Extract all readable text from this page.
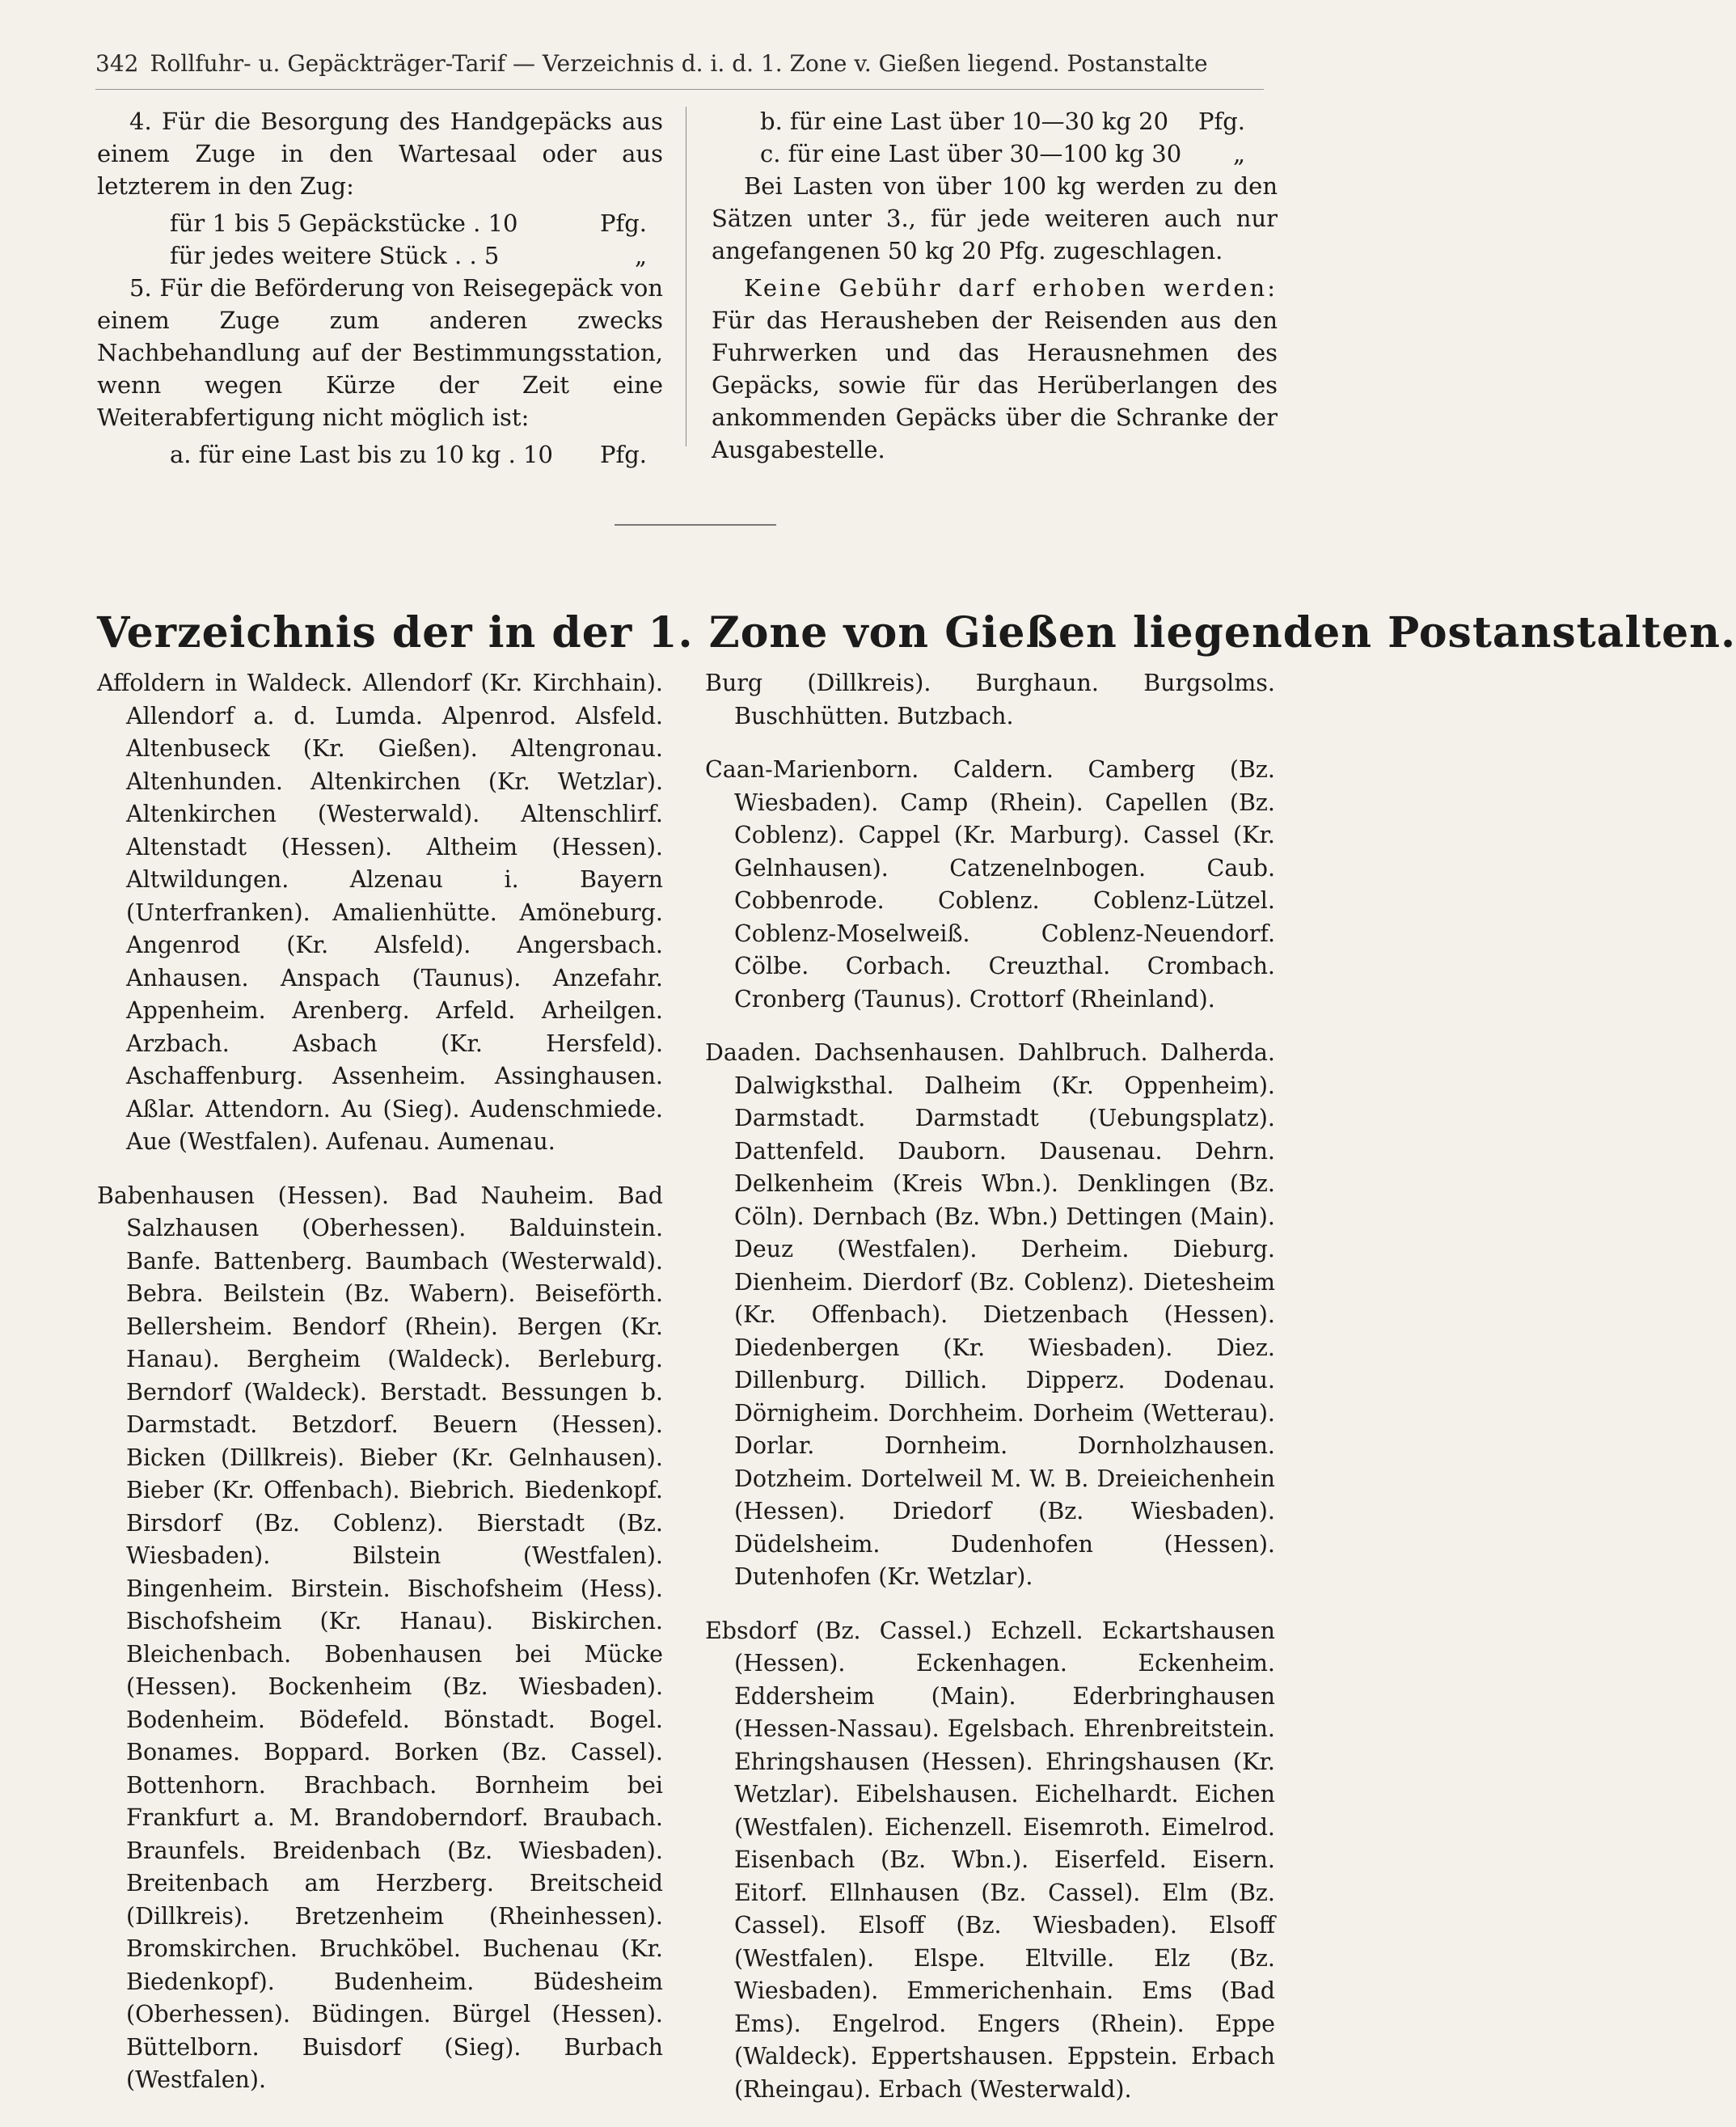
342 Rollfuhr- u. Gepäckträger-Tarif — Verzeichnis d. i. d. 1. Zone v. Gießen liegend. Postanstalte

4. Für die Besorgung des Handgepäcks aus einem Zuge in den Wartesaal oder aus letzterem in den Zug:

für 1 bis 5 Gepäckstücke . 10	Pfg.

für jedes weitere Stück . . 5	„

5. Für die Beförderung von Reisegepäck von einem Zuge zum anderen zwecks Nachbehandlung auf der Bestimmungsstation, wenn wegen Kürze der Zeit eine Weiterabfertigung nicht möglich ist:

a. für eine Last bis zu 10 kg . 10 Pfg.

b. für eine Last über 10—30 kg 20 Pfg.

c. für eine Last über 30—100 kg 30 „

Bei Lasten von über 100 kg werden zu den Sätzen unter 3., für jede weiteren auch nur angefangenen 50 kg 20 Pfg. zugeschlagen.

Keine Gebühr darf erhoben werden: Für das Herausheben der Reisenden aus den Fuhrwerken und das Herausnehmen des Gepäcks, sowie für das Herüberlangen des ankommenden Gepäcks über die Schranke der Ausgabestelle.

Verzeichnis der in der 1. Zone von Gießen liegenden Postanstalten.

Affoldern in Waldeck. Allendorf (Kr. Kirchhain). Allendorf a. d. Lumda. Alpenrod. Alsfeld. Altenbuseck (Kr. Gießen). Altengronau. Altenhunden. Altenkirchen (Kr. Wetzlar). Altenkirchen (Westerwald). Altenschlirf. Altenstadt (Hessen). Altheim (Hessen). Altwildungen. Alzenau i. Bayern (Unterfranken). Amalienhütte. Amöneburg. Angenrod (Kr. Alsfeld). Angersbach. Anhausen. Anspach (Taunus). Anzefahr. Appenheim. Arenberg. Arfeld. Arheilgen. Arzbach. Asbach (Kr. Hersfeld). Aschaffenburg. Assenheim. Assinghausen. Aßlar. Attendorn. Au (Sieg). Audenschmiede. Aue (Westfalen). Aufenau. Aumenau.

Babenhausen (Hessen). Bad Nauheim. Bad Salzhausen (Oberhessen). Balduinstein. Banfe. Battenberg. Baumbach (Westerwald). Bebra. Beilstein (Bz. Wabern). Beiseförth. Bellersheim. Bendorf (Rhein). Bergen (Kr. Hanau). Bergheim (Waldeck). Berleburg. Berndorf (Waldeck). Berstadt. Bessungen b. Darmstadt. Betzdorf. Beuern (Hessen). Bicken (Dillkreis). Bieber (Kr. Gelnhausen). Bieber (Kr. Offenbach). Biebrich. Biedenkopf. Birsdorf (Bz. Coblenz). Bierstadt (Bz. Wiesbaden). Bilstein (Westfalen). Bingenheim. Birstein. Bischofsheim (Hess). Bischofsheim (Kr. Hanau). Biskirchen. Bleichenbach. Bobenhausen bei Mücke (Hessen). Bockenheim (Bz. Wiesbaden). Bodenheim. Bödefeld. Bönstadt. Bogel. Bonames. Boppard. Borken (Bz. Cassel). Bottenhorn. Brachbach. Bornheim bei Frankfurt a. M. Brandoberndorf. Braubach. Braunfels. Breidenbach (Bz. Wiesbaden). Breitenbach am Herzberg. Breitscheid (Dillkreis). Bretzenheim (Rheinhessen). Bromskirchen. Bruchköbel. Buchenau (Kr. Biedenkopf). Budenheim. Büdesheim (Oberhessen). Büdingen. Bürgel (Hessen). Büttelborn. Buisdorf (Sieg). Burbach (Westfalen).

Burg (Dillkreis). Burghaun. Burgsolms. Buschhütten. Butzbach.

Caan-Marienborn. Caldern. Camberg (Bz. Wiesbaden). Camp (Rhein). Capellen (Bz. Coblenz). Cappel (Kr. Marburg). Cassel (Kr. Gelnhausen). Catzenelnbogen. Caub. Cobbenrode. Coblenz. Coblenz-Lützel. Coblenz-Moselweiß. Coblenz-Neuendorf. Cölbe. Corbach. Creuzthal. Crombach. Cronberg (Taunus). Crottorf (Rheinland).

Daaden. Dachsenhausen. Dahlbruch. Dalherda. Dalwigksthal. Dalheim (Kr. Oppenheim). Darmstadt. Darmstadt (Uebungsplatz). Dattenfeld. Dauborn. Dausenau. Dehrn. Delkenheim (Kreis Wbn.). Denklingen (Bz. Cöln). Dernbach (Bz. Wbn.) Dettingen (Main). Deuz (Westfalen). Derheim. Dieburg. Dienheim. Dierdorf (Bz. Coblenz). Dietesheim (Kr. Offenbach). Dietzenbach (Hessen). Diedenbergen (Kr. Wiesbaden). Diez. Dillenburg. Dillich. Dipperz. Dodenau. Dörnigheim. Dorchheim. Dorheim (Wetterau). Dorlar. Dornheim. Dornholzhausen. Dotzheim. Dortelweil M. W. B. Dreieichenhein (Hessen). Driedorf (Bz. Wiesbaden). Düdelsheim. Dudenhofen (Hessen). Dutenhofen (Kr. Wetzlar).

Ebsdorf (Bz. Cassel.) Echzell. Eckartshausen (Hessen). Eckenhagen. Eckenheim. Eddersheim (Main). Ederbringhausen (Hessen-Nassau). Egelsbach. Ehrenbreitstein. Ehringshausen (Hessen). Ehringshausen (Kr. Wetzlar). Eibelshausen. Eichelhardt. Eichen (Westfalen). Eichenzell. Eisemroth. Eimelrod. Eisenbach (Bz. Wbn.). Eiserfeld. Eisern. Eitorf. Ellnhausen (Bz. Cassel). Elm (Bz. Cassel). Elsoff (Bz. Wiesbaden). Elsoff (Westfalen). Elspe. Eltville. Elz (Bz. Wiesbaden). Emmerichenhain. Ems (Bad Ems). Engelrod. Engers (Rhein). Eppe (Waldeck). Eppertshausen. Eppstein. Erbach (Rheingau). Erbach (Westerwald).
